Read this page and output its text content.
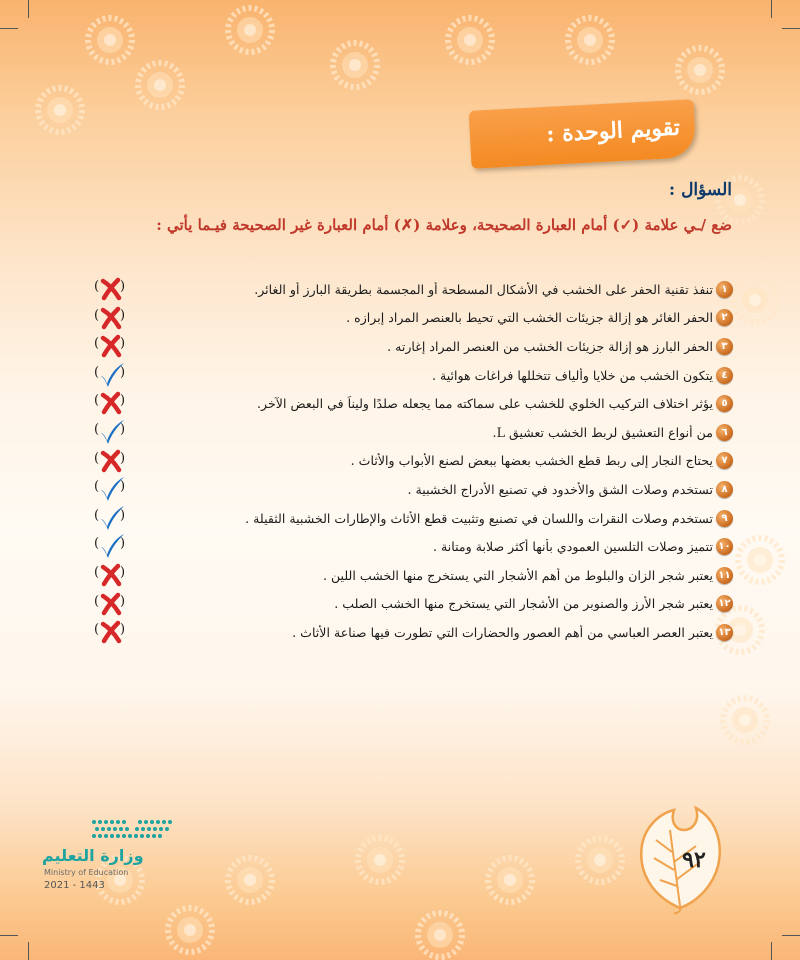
تقويم الوحدة :
السؤال :
ضع /ـي علامة (✓) أمام العبارة الصحيحة، وعلامة (✗) أمام العبارة غير الصحيحة فيـما يأتي :
١
تنفذ تقنية الحفر على الخشب في الأشكال المسطحة أو المجسمة بطريقة البارز أو الغائر.
( )
٢
الحفر الغائر هو إزالة جزيئات الخشب التي تحيط بالعنصر المراد إبرازه .
( )
٣
الحفر البارز هو إزالة جزيئات الخشب من العنصر المراد إغارته .
( )
٤
يتكون الخشب من خلايا وألياف تتخللها فراغات هوائية .
( )
٥
يؤثر اختلاف التركيب الخلوي للخشب على سماكته مما يجعله صلدًا وليناً في البعض الآخر.
( )
٦
من أنواع التعشيق لربط الخشب تعشيق L.
( )
٧
يحتاج النجار إلى ربط قطع الخشب بعضها ببعض لصنع الأبواب والأثاث .
( )
٨
تستخدم وصلات الشق والأخدود في تصنيع الأدراج الخشبية .
( )
٩
تستخدم وصلات النقرات واللسان في تصنيع وتثبيت قطع الأثاث والإطارات الخشبية الثقيلة .
( )
١٠
تتميز وصلات التلسين العمودي بأنها أكثر صلابة ومتانة .
( )
١١
يعتبر شجر الزان والبلوط من أهم الأشجار التي يستخرج منها الخشب اللين .
( )
١٢
يعتبر شجر الأرز والصنوبر من الأشجار التي يستخرج منها الخشب الصلب .
( )
١٣
يعتبر العصر العباسي من أهم العصور والحضارات التي تطورت فيها صناعة الأثاث .
( )
وزارة التعليم
Ministry of Education
2021 - 1443
٩٢
